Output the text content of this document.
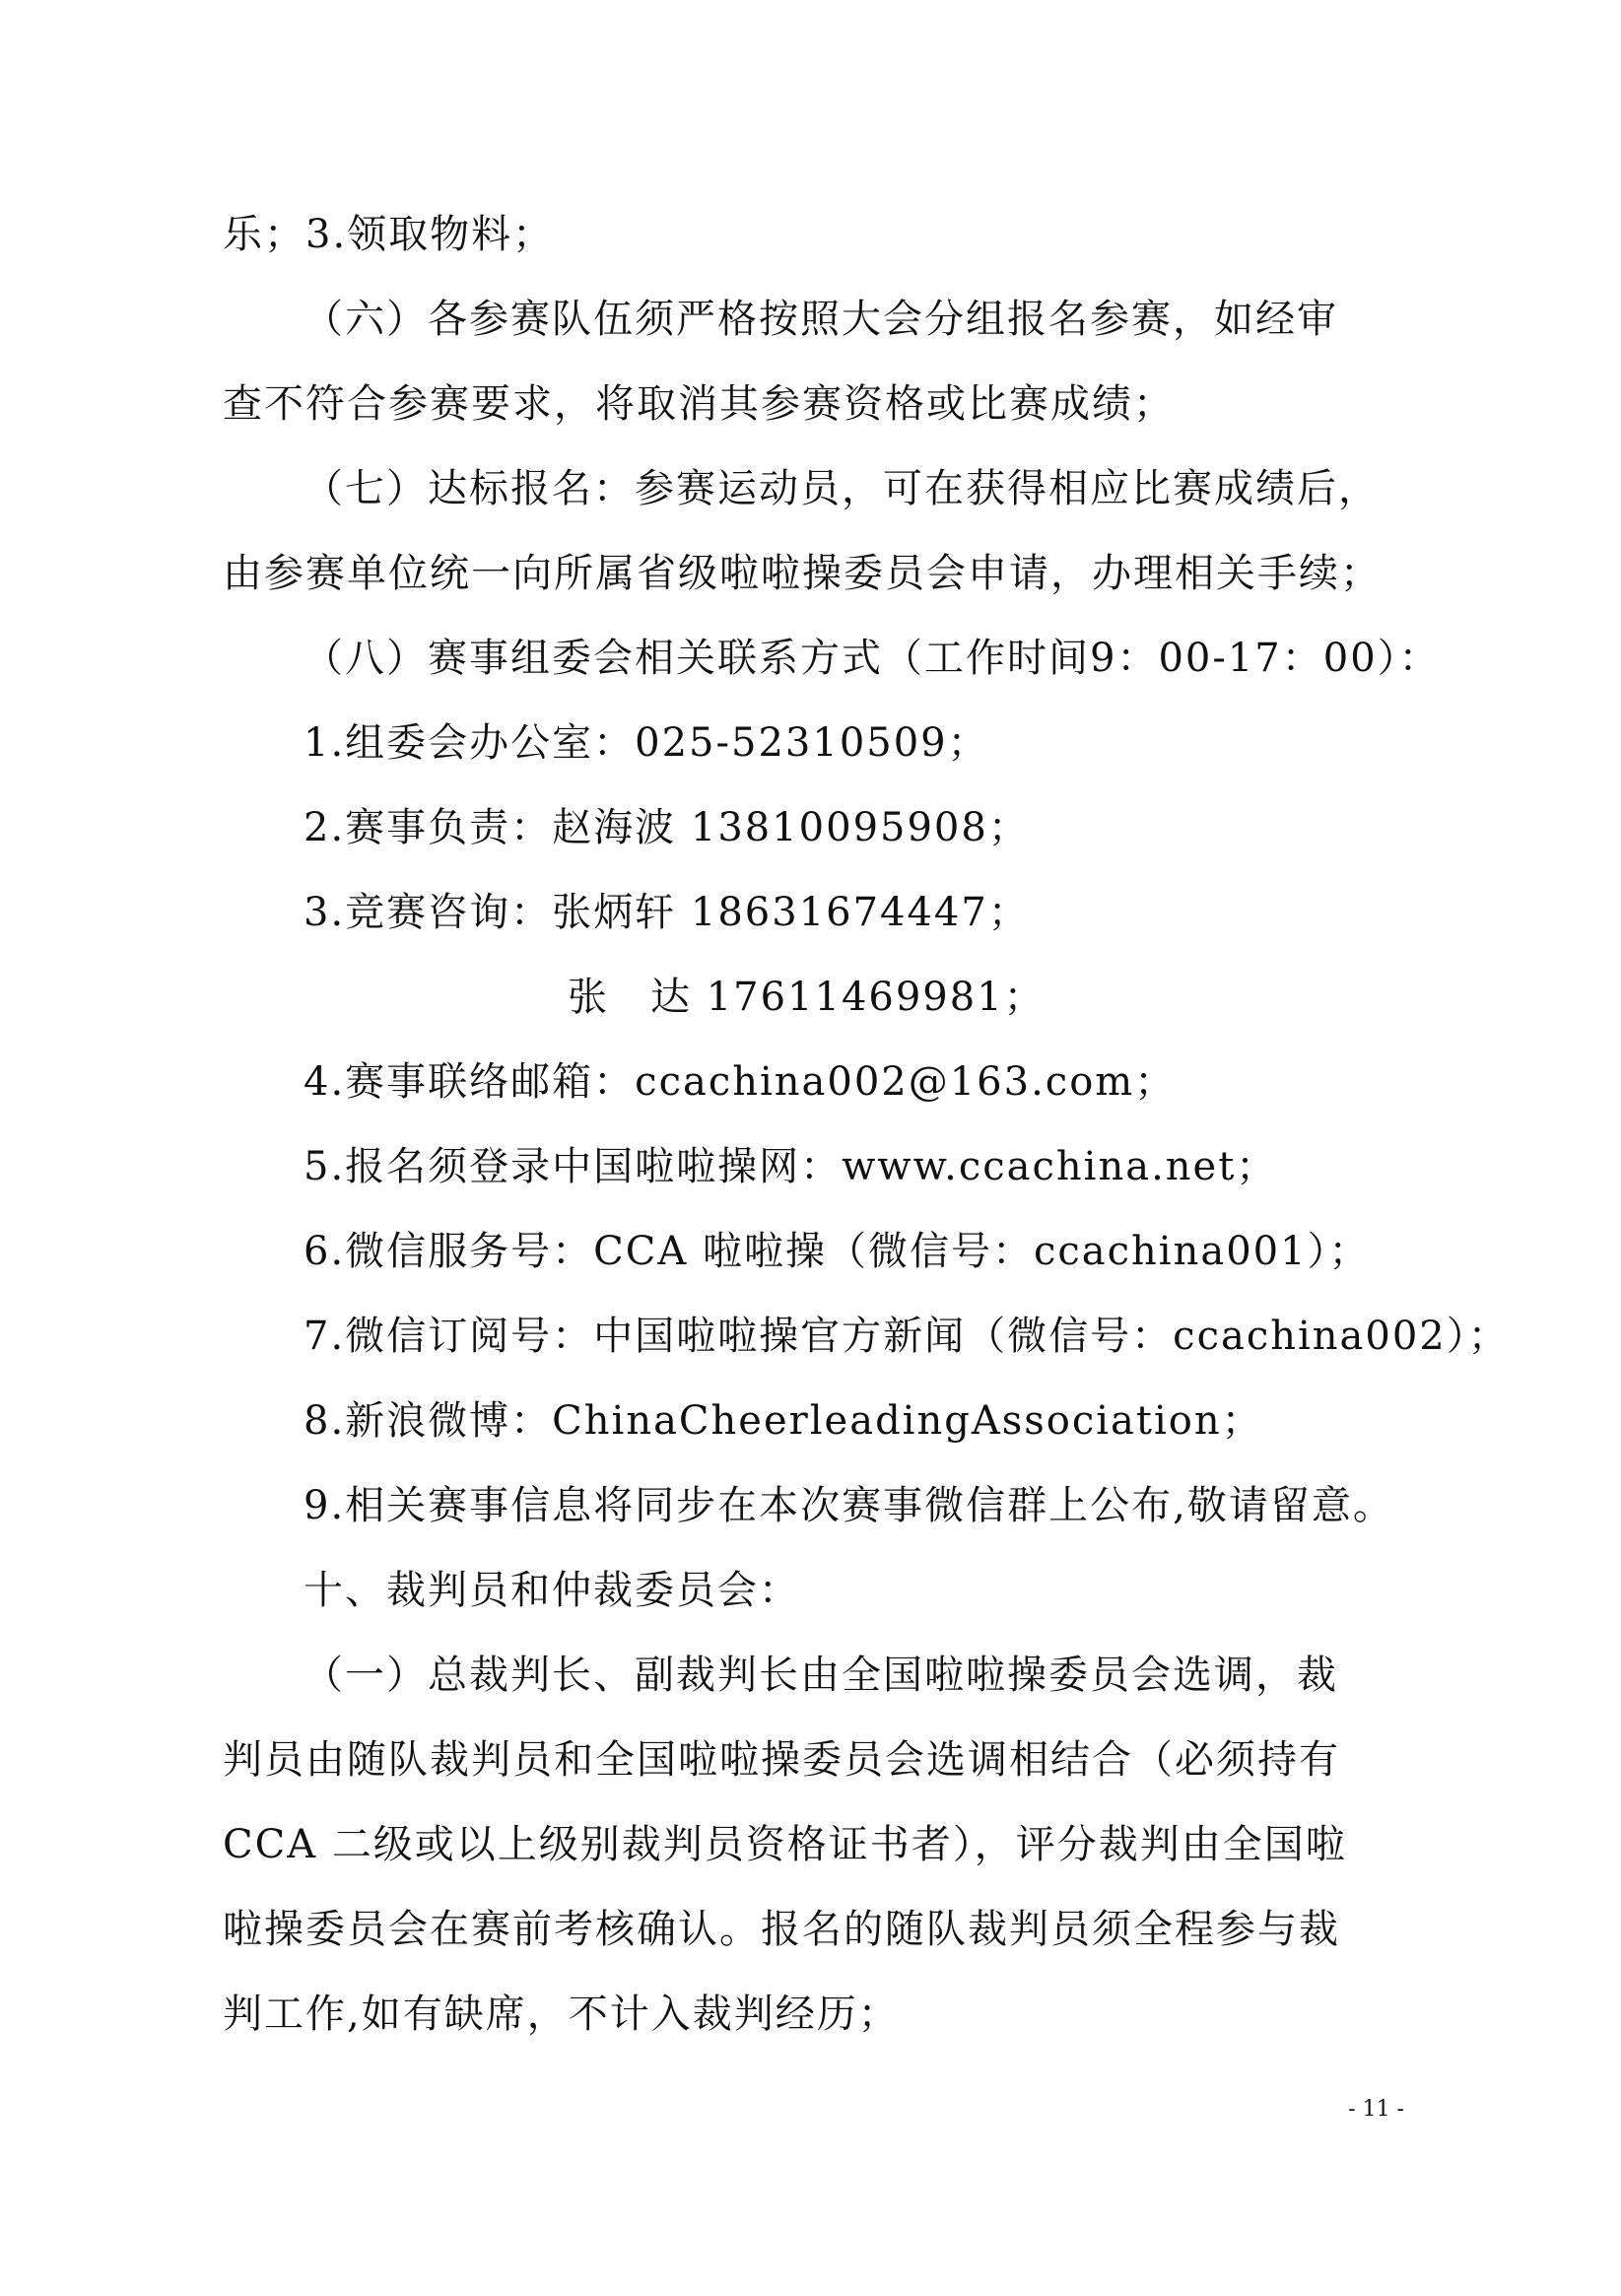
乐；3.领取物料；
（六）各参赛队伍须严格按照大会分组报名参赛，如经审
查不符合参赛要求，将取消其参赛资格或比赛成绩；
（七）达标报名：参赛运动员，可在获得相应比赛成绩后，
由参赛单位统一向所属省级啦啦操委员会申请，办理相关手续；
（八）赛事组委会相关联系方式（工作时间9：00-17：00）：
1.组委会办公室：025-52310509；
2.赛事负责：赵海波 13810095908；
3.竞赛咨询：张炳轩 18631674447；
张　达 17611469981；
4.赛事联络邮箱：ccachina002@163.com；
5.报名须登录中国啦啦操网：www.ccachina.net；
6.微信服务号：CCA 啦啦操（微信号：ccachina001）；
7.微信订阅号：中国啦啦操官方新闻（微信号：ccachina002）；
8.新浪微博：ChinaCheerleadingAssociation；
9.相关赛事信息将同步在本次赛事微信群上公布,敬请留意。
十、裁判员和仲裁委员会：
（一）总裁判长、副裁判长由全国啦啦操委员会选调，裁
判员由随队裁判员和全国啦啦操委员会选调相结合（必须持有
CCA 二级或以上级别裁判员资格证书者），评分裁判由全国啦
啦操委员会在赛前考核确认。报名的随队裁判员须全程参与裁
判工作,如有缺席，不计入裁判经历；
- 11 -
